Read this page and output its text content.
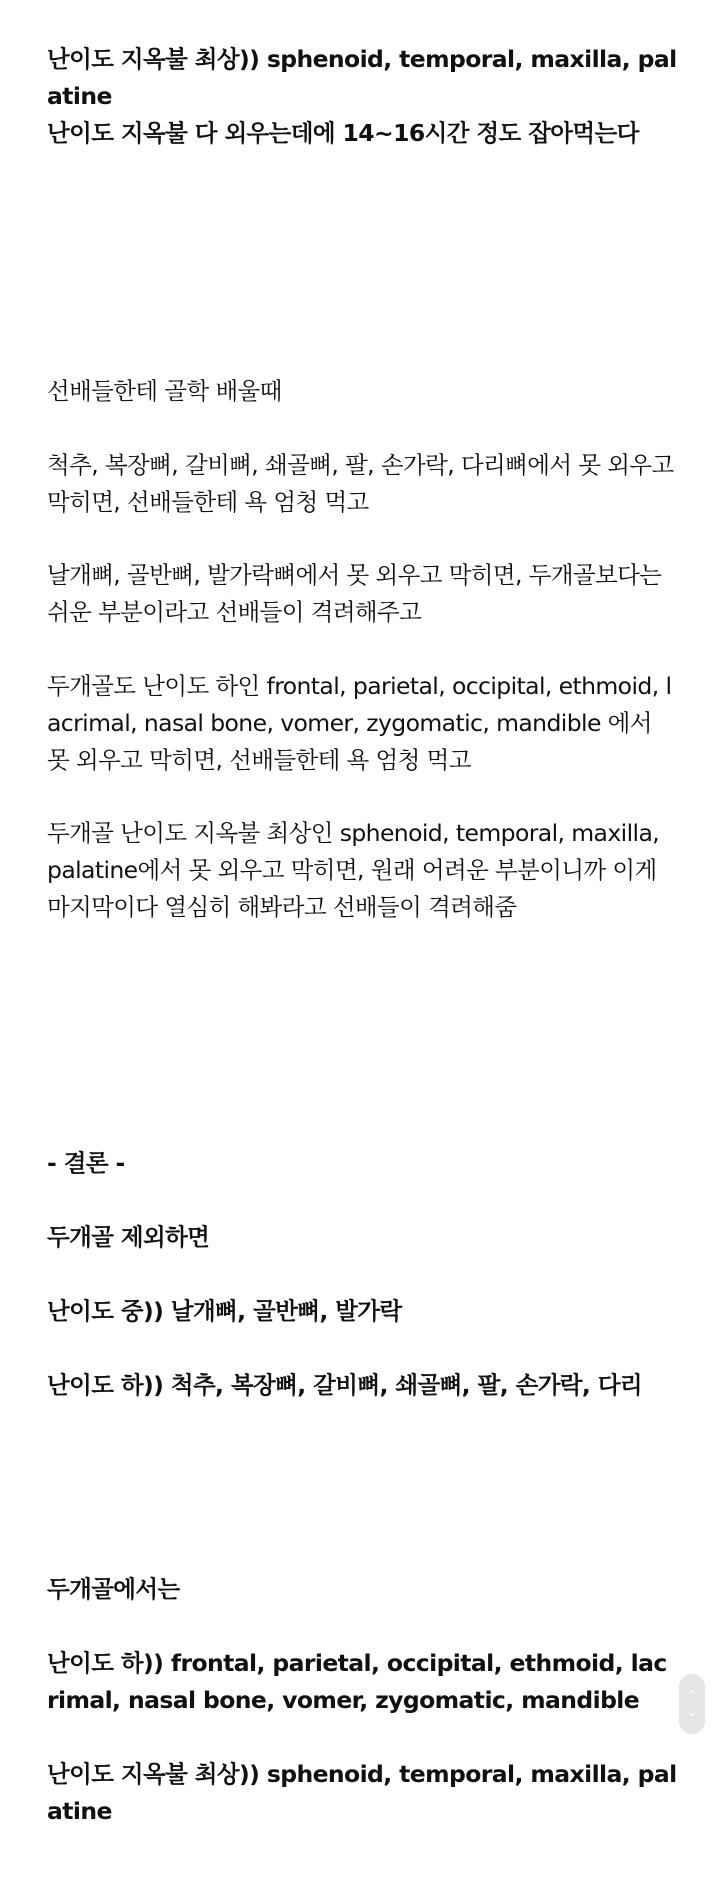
난이도 지옥불 최상)) sphenoid, temporal, maxilla, palatine

난이도 지옥불 다 외우는데에 14~16시간 정도 잡아먹는다

선배들한테 골학 배울때

척추, 복장뼈, 갈비뼈, 쇄골뼈, 팔, 손가락, 다리뼈에서 못 외우고 막히면, 선배들한테 욕 엄청 먹고

날개뼈, 골반뼈, 발가락뼈에서 못 외우고 막히면, 두개골보다는 쉬운 부분이라고 선배들이 격려해주고

두개골도 난이도 하인 frontal, parietal, occipital, ethmoid, lacrimal, nasal bone, vomer, zygomatic, mandible 에서 못 외우고 막히면, 선배들한테 욕 엄청 먹고

두개골 난이도 지옥불 최상인 sphenoid, temporal, maxilla, palatine에서 못 외우고 막히면, 원래 어려운 부분이니까 이게 마지막이다 열심히 해봐라고 선배들이 격려해줌

- 결론 -

두개골 제외하면

난이도 중)) 날개뼈, 골반뼈, 발가락

난이도 하)) 척추, 복장뼈, 갈비뼈, 쇄골뼈, 팔, 손가락, 다리

두개골에서는

난이도 하)) frontal, parietal, occipital, ethmoid, lacrimal, nasal bone, vomer, zygomatic, mandible

난이도 지옥불 최상)) sphenoid, temporal, maxilla, palatine

⌃
⌄
